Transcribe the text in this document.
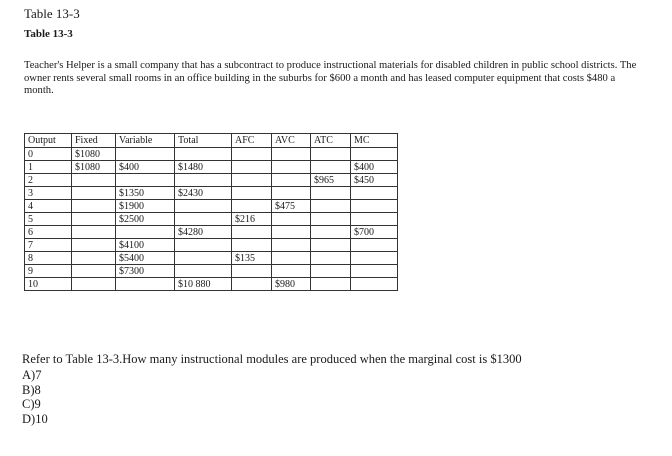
Table 13-3
Table 13-3
Teacher's Helper is a small company that has a subcontract to produce instructional materials for disabled children in public school districts. The owner rents several small rooms in an office building in the suburbs for $600 a month and has leased computer equipment that costs $480 a month.
Output	Fixed	Variable	Total	AFC	AVC	ATC	MC
0	$1080						
1	$1080	$400	$1480				$400
2						$965	$450
3		$1350	$2430				
4		$1900			$475		
5		$2500		$216			
6			$4280				$700
7		$4100					
8		$5400		$135			
9		$7300					
10			$10 880		$980		
Refer to Table 13-3.How many instructional modules are produced when the marginal cost is $1300
A)7
B)8
C)9
D)10
